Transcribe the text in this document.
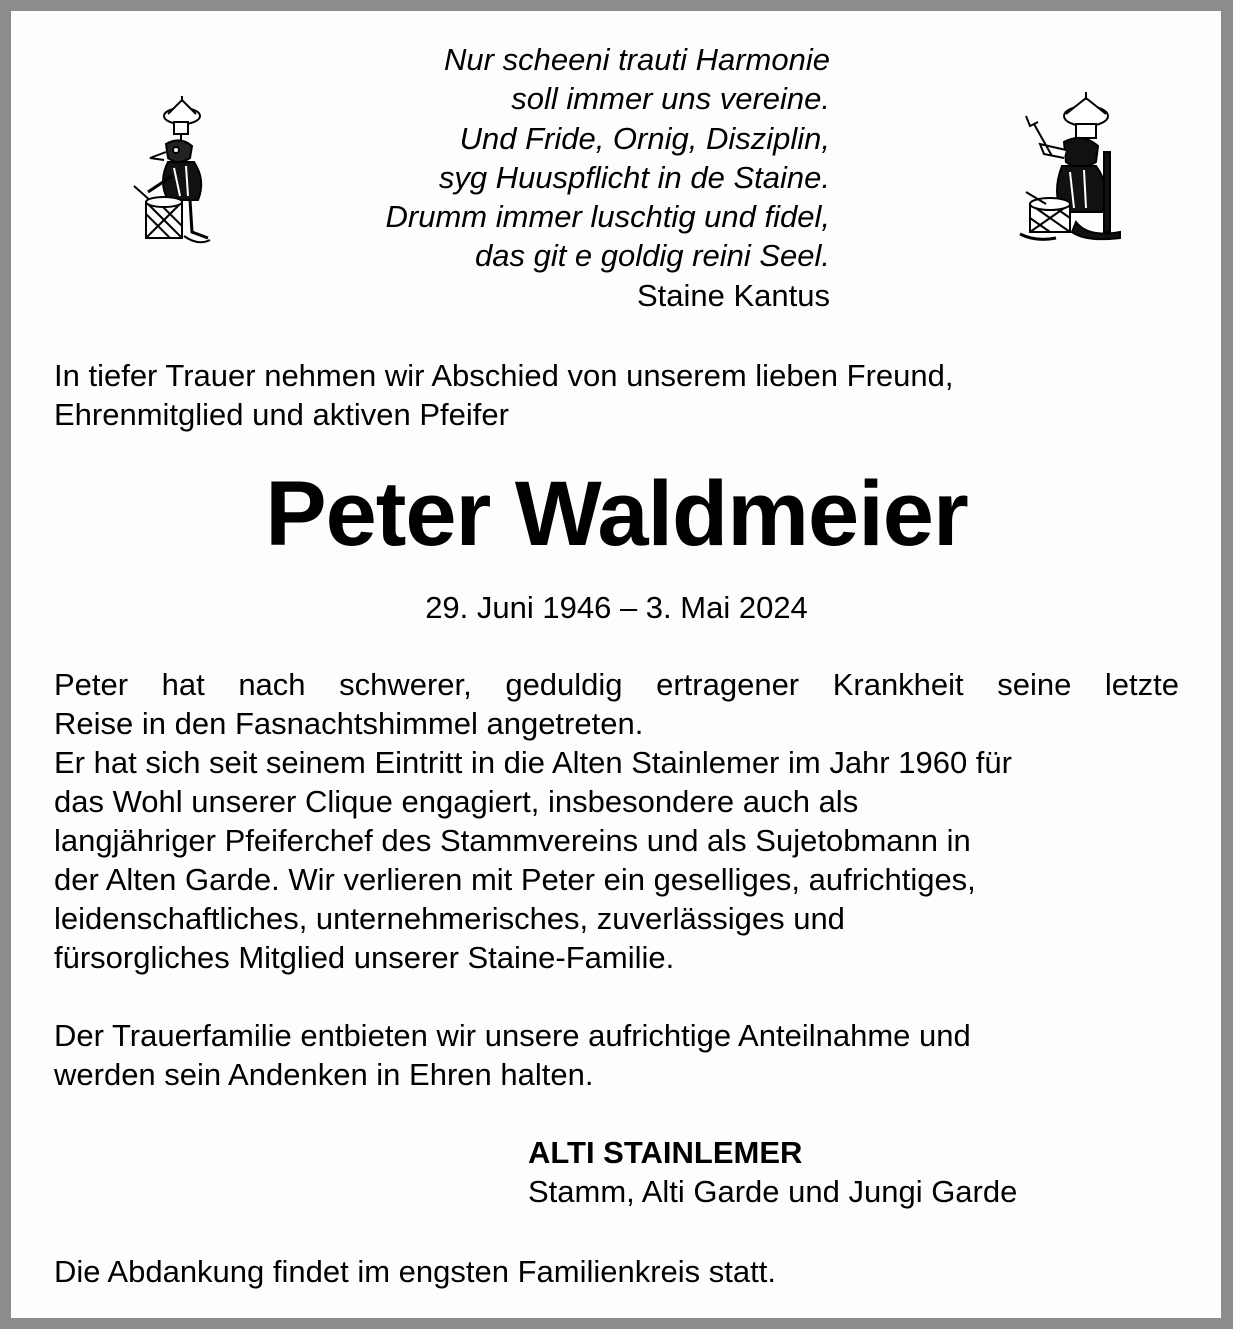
Nur scheeni trauti Harmonie
soll immer uns vereine.
Und Fride, Ornig, Disziplin,
syg Huuspflicht in de Staine.
Drumm immer luschtig und fidel,
das git e goldig reini Seel.
Staine Kantus
In tiefer Trauer nehmen wir Abschied von unserem lieben Freund,
Ehrenmitglied und aktiven Pfeifer
Peter Waldmeier
29. Juni 1946 – 3. Mai 2024

Peter hat nach schwerer, geduldig ertragener Krankheit seine letzte

Reise in den Fasnachtshimmel angetreten.

Er hat sich seit seinem Eintritt in die Alten Stainlemer im Jahr 1960 für

das Wohl unserer Clique engagiert, insbesondere auch als

langjähriger Pfeiferchef des Stammvereins und als Sujetobmann in

der Alten Garde. Wir verlieren mit Peter ein geselliges, aufrichtiges,

leidenschaftliches, unternehmerisches, zuverlässiges und

fürsorgliches Mitglied unserer Staine-Familie.

Der Trauerfamilie entbieten wir unsere aufrichtige Anteilnahme und
werden sein Andenken in Ehren halten.
ALTI STAINLEMER
Stamm, Alti Garde und Jungi Garde
Die Abdankung findet im engsten Familienkreis statt.
